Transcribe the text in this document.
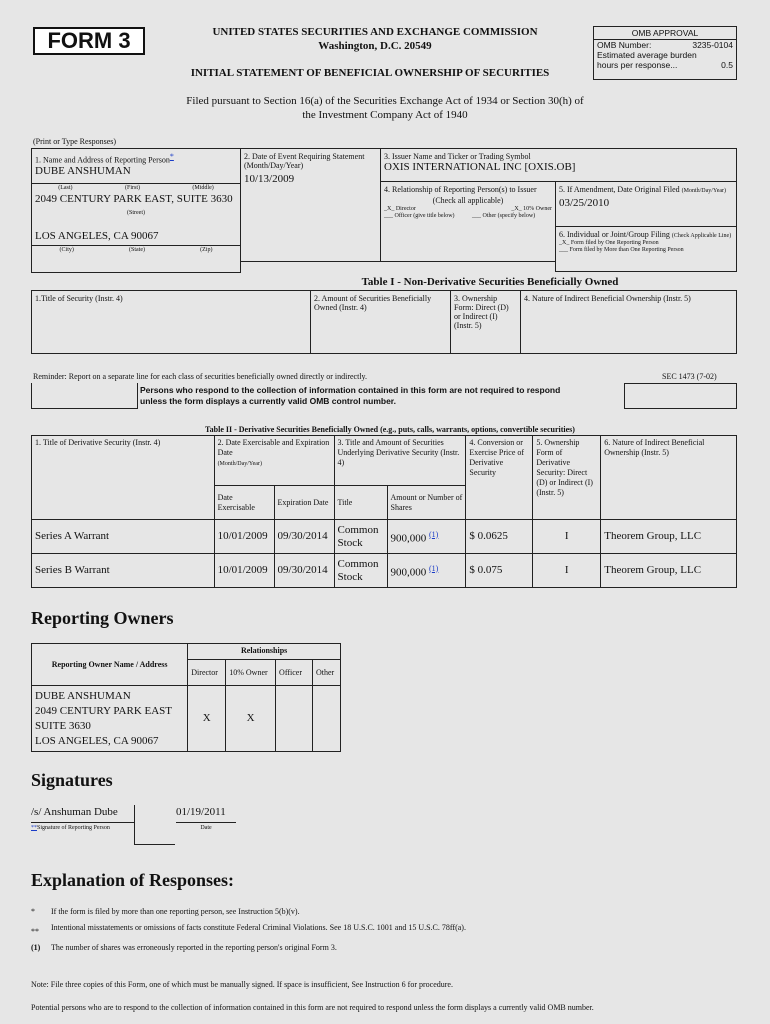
FORM 3	UNITED STATES SECURITIES AND EXCHANGE COMMISSION
Washington, D.C. 20549
INITIAL STATEMENT OF BENEFICIAL OWNERSHIP OF SECURITIES
OMB APPROVAL
OMB Number:	3235-0104
Estimated average burden
hours per response...	0.5
Filed pursuant to Section 16(a) of the Securities Exchange Act of 1934 or Section 30(h) of
the Investment Company Act of 1940
(Print or Type Responses)
1. Name and Address of Reporting Person*
DUBE ANSHUMAN
(Last)	(First)	(Middle)
2049 CENTURY PARK EAST, SUITE 3630
(Street)
LOS ANGELES, CA 90067
(City)	(State)	(Zip)
2. Date of Event Requiring Statement (Month/Day/Year)
10/13/2009
3. Issuer Name and Ticker or Trading Symbol
OXIS INTERNATIONAL INC [OXIS.OB]
4. Relationship of Reporting Person(s) to Issuer
(Check all applicable)
_X_ Director	_X_ 10% Owner
___ Officer (give title below)	___ Other (specify below)
5. If Amendment, Date Original Filed (Month/Day/Year)
03/25/2010
6. Individual or Joint/Group Filing (Check Applicable Line)
_X_ Form filed by One Reporting Person
___ Form filed by More than One Reporting Person
Table I - Non-Derivative Securities Beneficially Owned
1.Title of Security (Instr. 4)	2. Amount of Securities Beneficially Owned (Instr. 4)
3. Ownership Form: Direct (D) or Indirect (I) (Instr. 5)
4. Nature of Indirect Beneficial Ownership (Instr. 5)
Reminder: Report on a separate line for each class of securities beneficially owned directly or indirectly.	SEC 1473 (7-02)
Persons who respond to the collection of information contained in this form are not required to respond
unless the form displays a currently valid OMB control number.
Table II - Derivative Securities Beneficially Owned (e.g., puts, calls, warrants, options, convertible securities)
1. Title of Derivative Security (Instr. 4)	2. Date Exercisable and Expiration Date
(Month/Day/Year)		3. Title and Amount of Securities Underlying Derivative Security (Instr. 4)		4. Conversion or Exercise Price of Derivative Security	5. Ownership Form of Derivative Security: Direct (D) or Indirect (I) (Instr. 5)	6. Nature of Indirect Beneficial Ownership (Instr. 5)
	Date Exercisable	Expiration Date	Title	Amount or Number of Shares			
Series A Warrant	10/01/2009	09/30/2014	Common Stock	900,000 $^{(1)}$	$ 0.0625	I	Theorem Group, LLC
Series B Warrant	10/01/2009	09/30/2014	Common Stock	900,000 $^{(1)}$	$ 0.075	I	Theorem Group, LLC
Reporting Owners
Reporting Owner Name / Address	Relationships			
	Director	10% Owner	Officer	Other

DUBE ANSHUMAN
2049 CENTURY PARK EAST
SUITE 3630
LOS ANGELES, CA 90067	X	X		
Signatures
/s/ Anshuman Dube
**Signature of Reporting Person
01/19/2011
Date
Explanation of Responses:
*	If the form is filed by more than one reporting person, see Instruction 5(b)(v).
**	Intentional misstatements or omissions of facts constitute Federal Criminal Violations. See 18 U.S.C. 1001 and 15 U.S.C. 78ff(a).
(1)	The number of shares was erroneously reported in the reporting person's original Form 3.
Note: File three copies of this Form, one of which must be manually signed. If space is insufficient, See Instruction 6 for procedure.
Potential persons who are to respond to the collection of information contained in this form are not required to respond unless the form displays a currently valid OMB number.
